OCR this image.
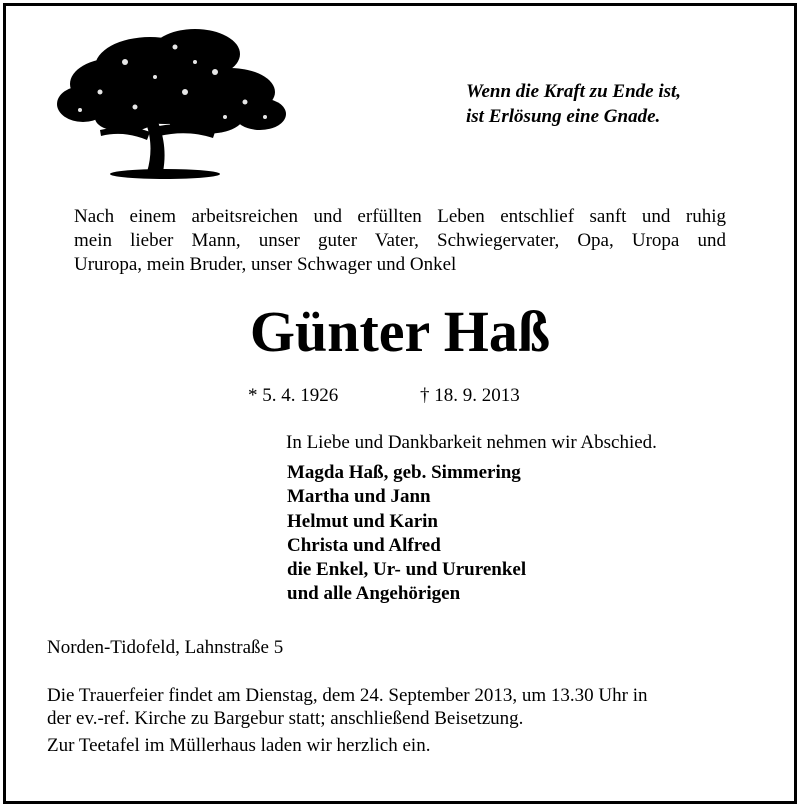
Wenn die Kraft zu Ende ist,
ist Erlösung eine Gnade.
Nach einem arbeitsreichen und erfüllten Leben entschlief sanft und ruhig
mein lieber Mann, unser guter Vater, Schwiegervater, Opa, Uropa und
Ururopa, mein Bruder, unser Schwager und Onkel
Günter Haß
* 5. 4. 1926	† 18. 9. 2013
In Liebe und Dankbarkeit nehmen wir Abschied.
Magda Haß, geb. Simmering
Martha und Jann
Helmut und Karin
Christa und Alfred
die Enkel, Ur- und Ururenkel
und alle Angehörigen
Norden-Tidofeld, Lahnstraße 5
Die Trauerfeier findet am Dienstag, dem 24. September 2013, um 13.30 Uhr in
der ev.-ref. Kirche zu Bargebur statt; anschließend Beisetzung.
Zur Teetafel im Müllerhaus laden wir herzlich ein.
